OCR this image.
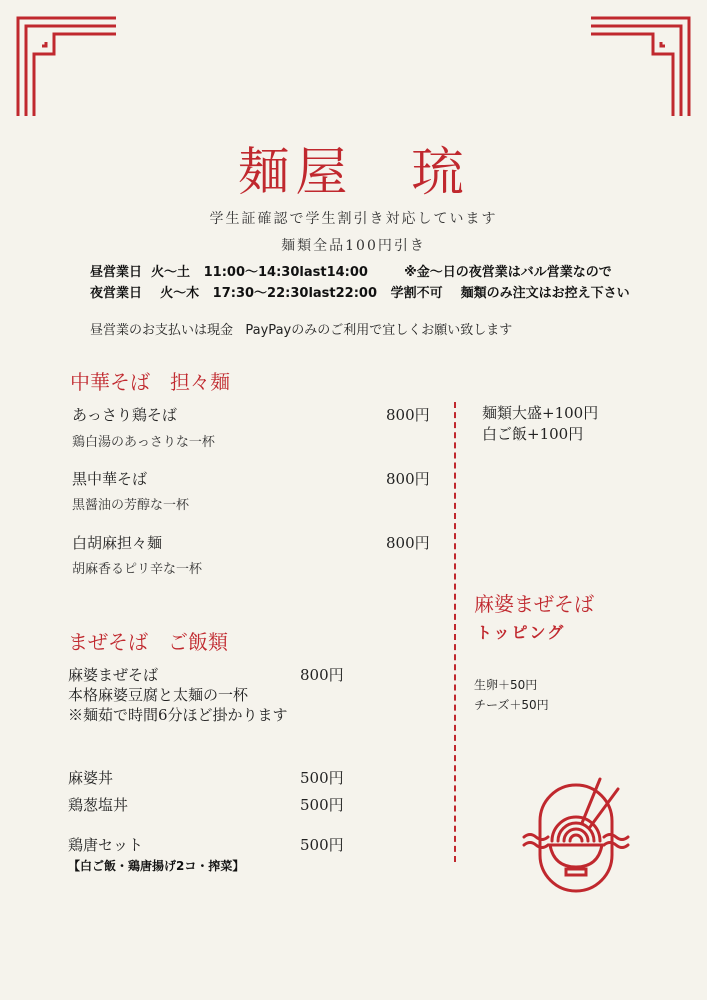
麺屋　琉
学生証確認で学生割引き対応しています
麺類全品100円引き
昼営業日  火〜土   11:00〜14:30last14:00        ※金〜日の夜営業はバル営業なので
夜営業日    火〜木   17:30〜22:30last22:00   学割不可    麺類のみ注文はお控え下さい
昼営業のお支払いは現金   PayPayのみのご利用で宜しくお願い致します
中華そば　担々麺
あっさり鶏そば	800円
鶏白湯のあっさりな一杯
黒中華そば	800円
黒醤油の芳醇な一杯
白胡麻担々麺	800円
胡麻香るピリ辛な一杯
まぜそば　ご飯類
麻婆まぜそば	800円
本格麻婆豆腐と太麺の一杯
※麺茹で時間6分ほど掛かります
麻婆丼	500円
鶏葱塩丼	500円
鶏唐セット	500円
【白ご飯・鶏唐揚げ2コ・搾菜】
麺類大盛+100円
白ご飯+100円
麻婆まぜそば
トッピング
生卵＋50円
チーズ＋50円
